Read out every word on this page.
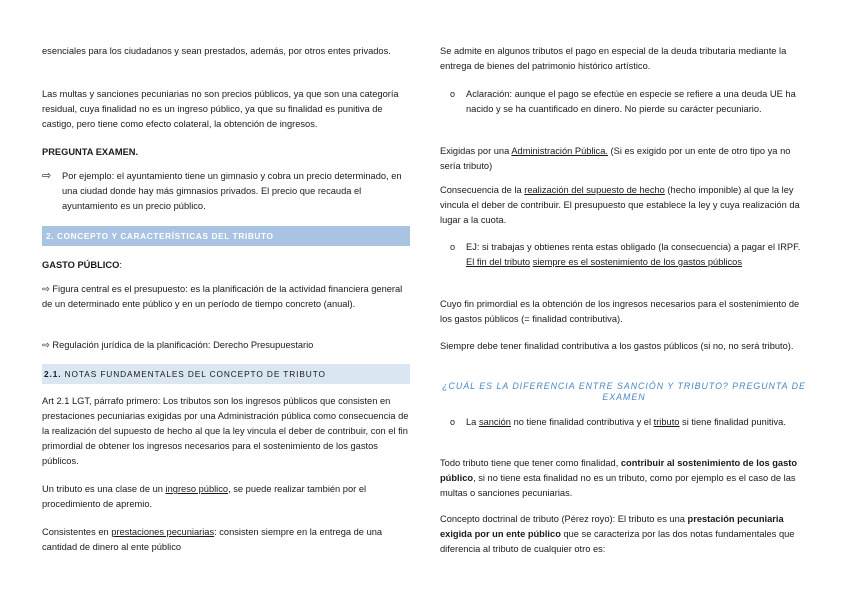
esenciales para los ciudadanos y sean prestados, además, por otros entes privados.

Las multas y sanciones pecuniarias no son precios públicos, ya que son una categoría residual, cuya finalidad no es un ingreso público, ya que su finalidad es punitiva de castigo, pero tiene como efecto colateral, la obtención de ingresos.

PREGUNTA EXAMEN.

⇨ Por ejemplo: el ayuntamiento tiene un gimnasio y cobra un precio determinado, en una ciudad donde hay más gimnasios privados. El precio que recauda el ayuntamiento es un precio público.
2. CONCEPTO Y CARACTERÍSTICAS DEL TRIBUTO

GASTO PÚBLICO:

⇨ Figura central es el presupuesto: es la planificación de la actividad financiera general de un determinado ente público y en un período de tiempo concreto (anual).

⇨ Regulación jurídica de la planificación: Derecho Presupuestario

2.1. NOTAS FUNDAMENTALES DEL CONCEPTO DE TRIBUTO

Art 2.1 LGT, párrafo primero: Los tributos son los ingresos públicos que consisten en prestaciones pecuniarias exigidas por una Administración pública como consecuencia de la realización del supuesto de hecho al que la ley vincula el deber de contribuir, con el fin primordial de obtener los ingresos necesarios para el sostenimiento de los gastos públicos.

Un tributo es una clase de un ingreso público, se puede realizar también por el procedimiento de apremio.

Consistentes en prestaciones pecuniarias: consisten siempre en la entrega de una cantidad de dinero al ente público

Se admite en algunos tributos el pago en especial de la deuda tributaria mediante la entrega de bienes del patrimonio histórico artístico.

o Aclaración: aunque el pago se efectúe en especie se refiere a una deuda UE ha nacido y se ha cuantificado en dinero. No pierde su carácter pecuniario.

Exigidas por una Administración Pública. (Si es exigido por un ente de otro tipo ya no sería tributo)

Consecuencia de la realización del supuesto de hecho (hecho imponible) al que la ley vincula el deber de contribuir. El presupuesto que establece la ley y cuya realización da lugar a la cuota.

o EJ: si trabajas y obtienes renta estas obligado (la consecuencia) a pagar el IRPF. El fin del tributo siempre es el sostenimiento de los gastos públicos

Cuyo fin primordial es la obtención de los ingresos necesarios para el sostenimiento de los gastos públicos (= finalidad contributiva).

Siempre debe tener finalidad contributiva a los gastos públicos (si no, no será tributo).

¿CUÁL ES LA DIFERENCIA ENTRE SANCIÓN Y TRIBUTO? PREGUNTA DE EXAMEN
o La sanción no tiene finalidad contributiva y el tributo si tiene finalidad punitiva.

Todo tributo tiene que tener como finalidad, contribuir al sostenimiento de los gasto público, si no tiene esta finalidad no es un tributo, como por ejemplo es el caso de las multas o sanciones pecuniarias.

Concepto doctrinal de tributo (Pérez royo): El tributo es una prestación pecuniaria exigida por un ente público que se caracteriza por las dos notas fundamentales que diferencia al tributo de cualquier otro es:
